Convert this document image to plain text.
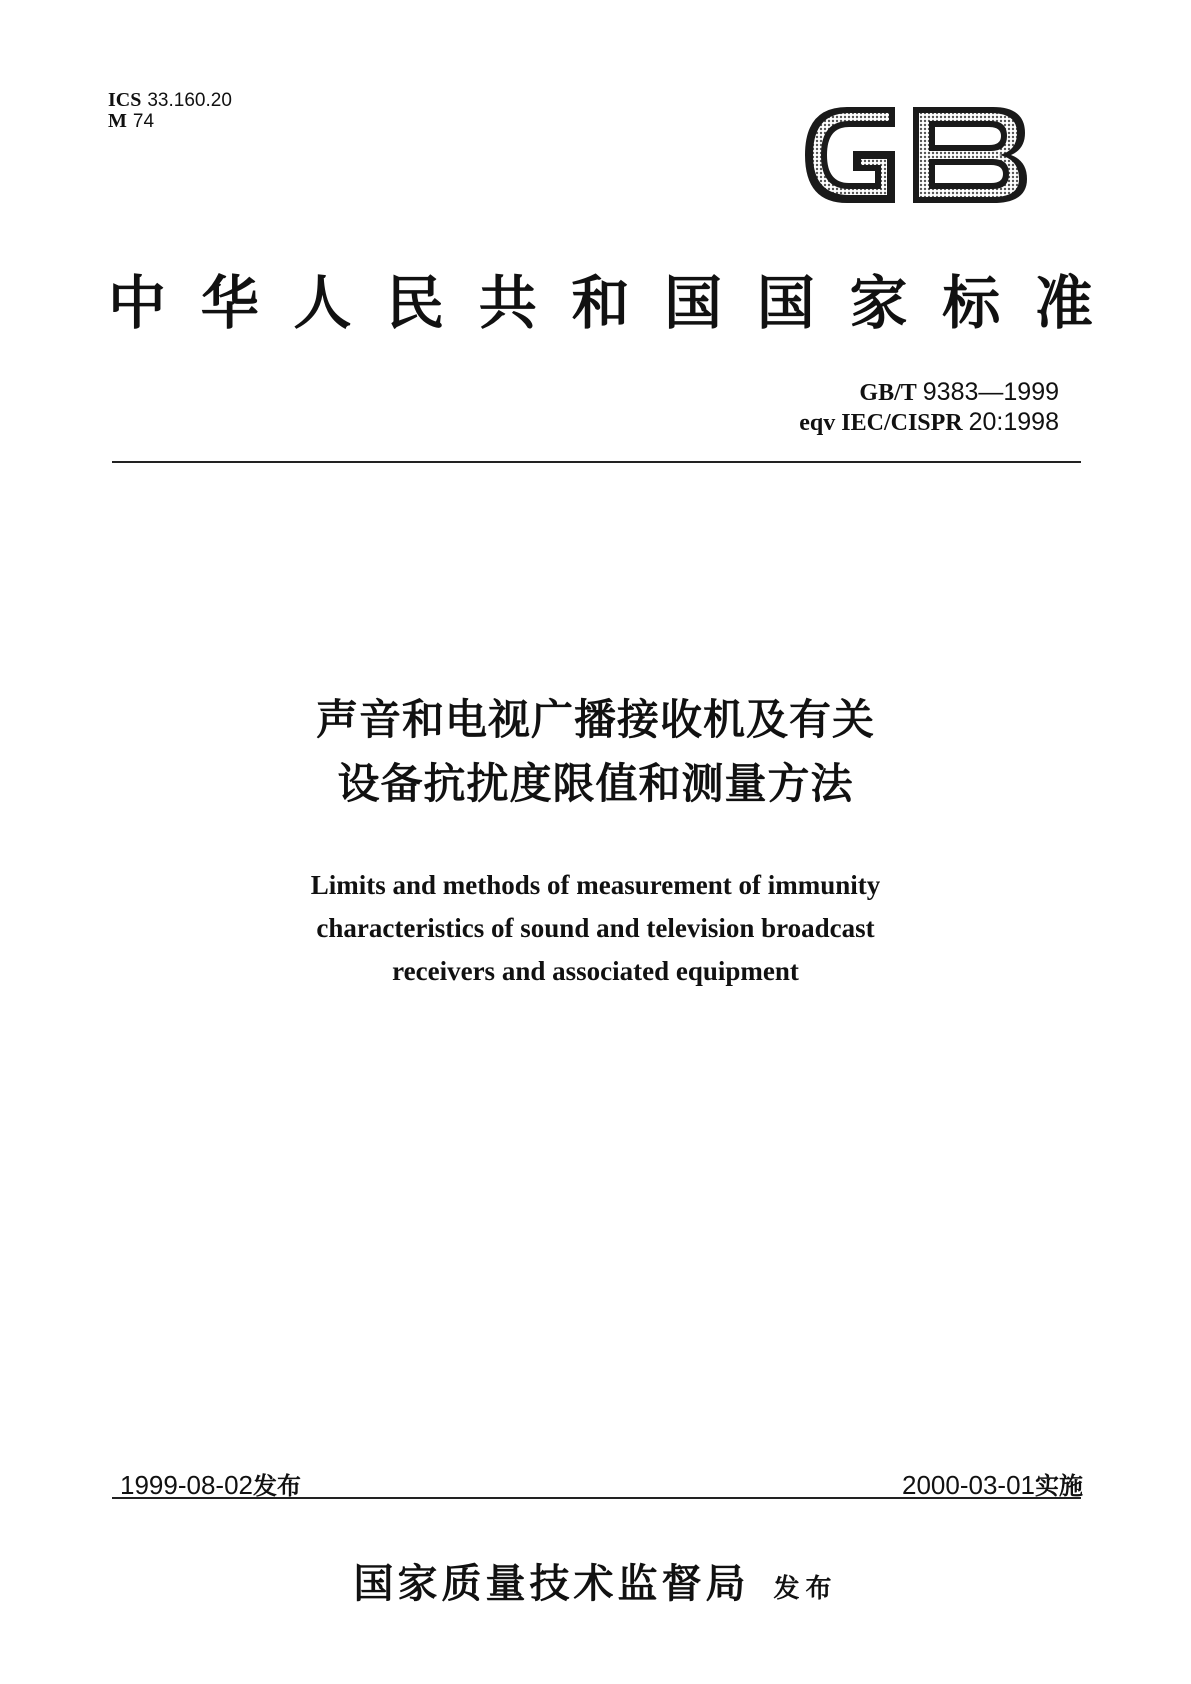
ICS 33.160.20
M 74
中 华 人 民 共 和 国 国 家 标 准
GB/T 9383—1999
eqv IEC/CISPR 20:1998
声音和电视广播接收机及有关
设备抗扰度限值和测量方法
Limits and methods of measurement of immunity
characteristics of sound and television broadcast
receivers and associated equipment
1999-08-02发布	2000-03-01实施
国家质量技术监督局 发布
